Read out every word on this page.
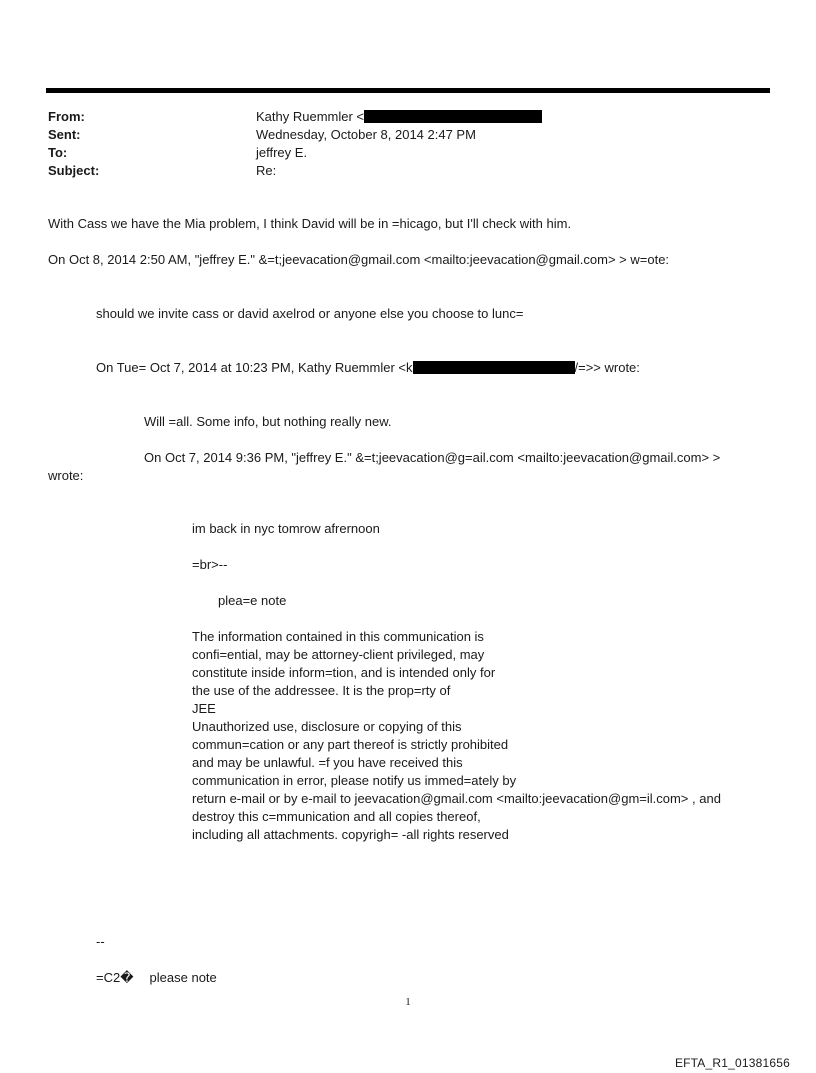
From:	Kathy Ruemmler <
Sent:	Wednesday, October 8, 2014 2:47 PM
To:	jeffrey E.
Subject:	Re:
With Cass we have the Mia problem, I think David will be in =hicago, but I'll check with him.
On Oct 8, 2014 2:50 AM, "jeffrey E." &=t;jeevacation@gmail.com <mailto:jeevacation@gmail.com> > w=ote:
should we invite cass or david axelrod or anyone else you choose to lunc=
On Tue= Oct 7, 2014 at 10:23 PM, Kathy Ruemmler <k	/=>> wrote:
Will =all. Some info, but nothing really new.
On Oct 7, 2014 9:36 PM, "jeffrey E." &=t;jeevacation@g=ail.com <mailto:jeevacation@gmail.com> >
wrote:
im back in nyc tomrow afrernoon
=br>--
plea=e note
The information contained in this communication is
confi=ential, may be attorney-client privileged, may
constitute inside inform=tion, and is intended only for
the use of the addressee. It is the prop=rty of
JEE
Unauthorized use, disclosure or copying of this
commun=cation or any part thereof is strictly prohibited
and may be unlawful. =f you have received this
communication in error, please notify us immed=ately by
return e-mail or by e-mail to jeevacation@gmail.com <mailto:jeevacation@gm=il.com> , and
destroy this c=mmunication and all copies thereof,
including all attachments. copyrigh= -all rights reserved
--
=C2� please note
1
EFTA_R1_01381656
